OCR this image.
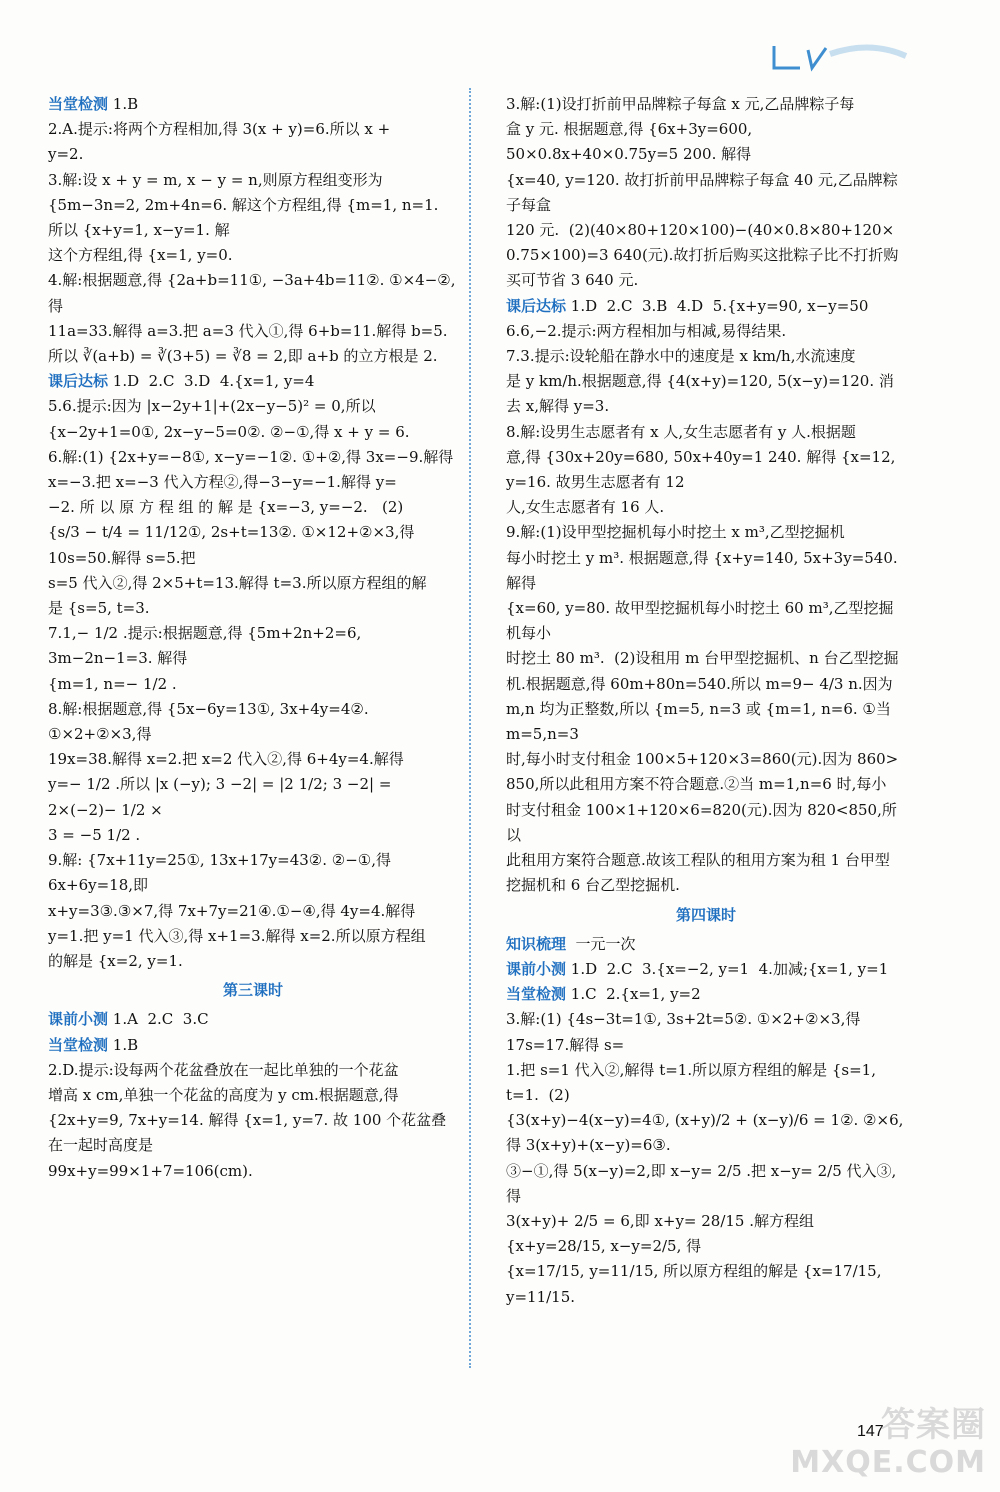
当堂检测 1.B

2.A.提示:将两个方程相加,得 3(x + y)=6.所以 x +

y=2.

3.解:设 x + y = m, x − y = n,则原方程组变形为

{5m−3n=2, 2m+4n=6. 解这个方程组,得 {m=1, n=1. 所以 {x+y=1, x−y=1. 解

这个方程组,得 {x=1, y=0.

4.解:根据题意,得 {2a+b=11①, −3a+4b=11②. ①×4−②,得

11a=33.解得 a=3.把 a=3 代入①,得 6+b=11.解得 b=5.

所以 ∛(a+b) = ∛(3+5) = ∛8 = 2,即 a+b 的立方根是 2.

课后达标 1.D  2.C  3.D  4.{x=1, y=4

5.6.提示:因为 |x−2y+1|+(2x−y−5)² = 0,所以

{x−2y+1=0①, 2x−y−5=0②. ②−①,得 x + y = 6.

6.解:(1) {2x+y=−8①, x−y=−1②. ①+②,得 3x=−9.解得

x=−3.把 x=−3 代入方程②,得−3−y=−1.解得 y=

−2. 所 以 原 方 程 组 的 解 是 {x=−3, y=−2.   (2)

{s/3 − t/4 = 11/12①, 2s+t=13②. ①×12+②×3,得 10s=50.解得 s=5.把

s=5 代入②,得 2×5+t=13.解得 t=3.所以原方程组的解

是 {s=5, t=3.

7.1,− 1/2 .提示:根据题意,得 {5m+2n+2=6, 3m−2n−1=3. 解得

{m=1, n=− 1/2 .

8.解:根据题意,得 {5x−6y=13①, 3x+4y=4②. ①×2+②×3,得

19x=38.解得 x=2.把 x=2 代入②,得 6+4y=4.解得

y=− 1/2 .所以 |x (−y); 3 −2| = |2 1/2; 3 −2| = 2×(−2)− 1/2 ×

3 = −5 1/2 .

9.解: {7x+11y=25①, 13x+17y=43②. ②−①,得 6x+6y=18,即

x+y=3③.③×7,得 7x+7y=21④.①−④,得 4y=4.解得

y=1.把 y=1 代入③,得 x+1=3.解得 x=2.所以原方程组

的解是 {x=2, y=1.

第三课时

课前小测 1.A  2.C  3.C

当堂检测 1.B

2.D.提示:设每两个花盆叠放在一起比单独的一个花盆

增高 x cm,单独一个花盆的高度为 y cm.根据题意,得

{2x+y=9, 7x+y=14. 解得 {x=1, y=7. 故 100 个花盆叠在一起时高度是

99x+y=99×1+7=106(cm).

3.解:(1)设打折前甲品牌粽子每盒 x 元,乙品牌粽子每

盒 y 元. 根据题意,得 {6x+3y=600, 50×0.8x+40×0.75y=5 200. 解得

{x=40, y=120. 故打折前甲品牌粽子每盒 40 元,乙品牌粽子每盒

120 元.  (2)(40×80+120×100)−(40×0.8×80+120×

0.75×100)=3 640(元).故打折后购买这批粽子比不打折购

买可节省 3 640 元.

课后达标 1.D  2.C  3.B  4.D  5.{x+y=90, x−y=50

6.6,−2.提示:两方程相加与相减,易得结果.

7.3.提示:设轮船在静水中的速度是 x km/h,水流速度

是 y km/h.根据题意,得 {4(x+y)=120, 5(x−y)=120. 消去 x,解得 y=3.

8.解:设男生志愿者有 x 人,女生志愿者有 y 人.根据题

意,得 {30x+20y=680, 50x+40y=1 240. 解得 {x=12, y=16. 故男生志愿者有 12

人,女生志愿者有 16 人.

9.解:(1)设甲型挖掘机每小时挖土 x m³,乙型挖掘机

每小时挖土 y m³. 根据题意,得 {x+y=140, 5x+3y=540. 解得

{x=60, y=80. 故甲型挖掘机每小时挖土 60 m³,乙型挖掘机每小

时挖土 80 m³.  (2)设租用 m 台甲型挖掘机、n 台乙型挖掘

机.根据题意,得 60m+80n=540.所以 m=9− 4/3 n.因为

m,n 均为正整数,所以 {m=5, n=3 或 {m=1, n=6. ①当 m=5,n=3

时,每小时支付租金 100×5+120×3=860(元).因为 860>

850,所以此租用方案不符合题意.②当 m=1,n=6 时,每小

时支付租金 100×1+120×6=820(元).因为 820<850,所以

此租用方案符合题意.故该工程队的租用方案为租 1 台甲型

挖掘机和 6 台乙型挖掘机.

第四课时

知识梳理  一元一次

课前小测 1.D  2.C  3.{x=−2, y=1  4.加减;{x=1, y=1

当堂检测 1.C  2.{x=1, y=2

3.解:(1) {4s−3t=1①, 3s+2t=5②. ①×2+②×3,得 17s=17.解得 s=

1.把 s=1 代入②,解得 t=1.所以原方程组的解是 {s=1, t=1.  (2)

{3(x+y)−4(x−y)=4①, (x+y)/2 + (x−y)/6 = 1②. ②×6,得 3(x+y)+(x−y)=6③.

③−①,得 5(x−y)=2,即 x−y= 2/5 .把 x−y= 2/5 代入③,得

3(x+y)+ 2/5 = 6,即 x+y= 28/15 .解方程组 {x+y=28/15, x−y=2/5, 得

{x=17/15, y=11/15, 所以原方程组的解是 {x=17/15, y=11/15.

147
答案圈
MXQE.COM
